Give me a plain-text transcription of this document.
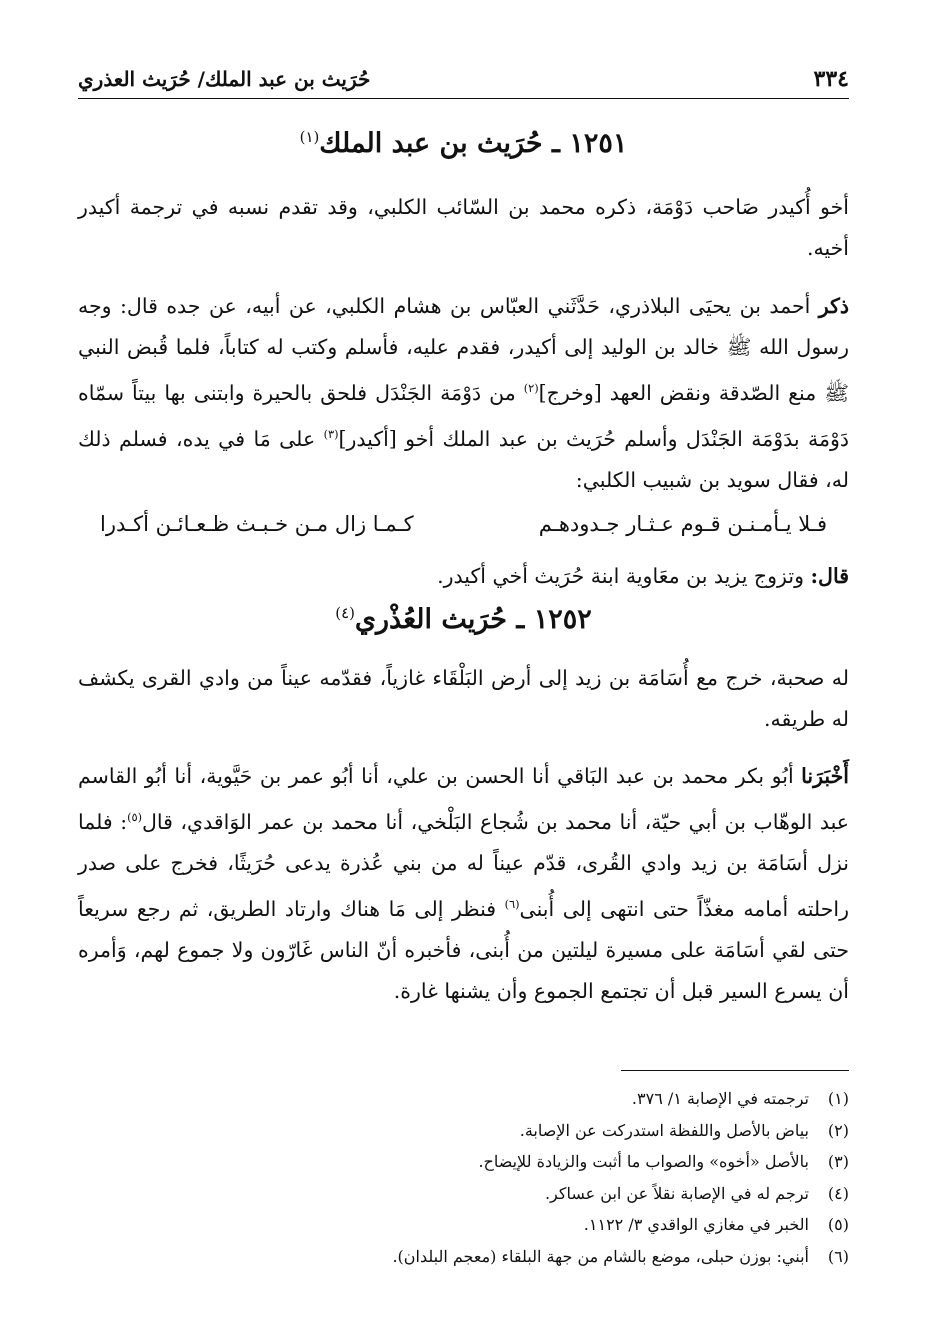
٣٣٤
حُرَيث بن عبد الملك/ حُرَيث العذري
١٢٥١ ـ حُرَيث بن عبد الملك$^{(١)}$

أخو أُكيدر صَاحب دَوْمَة، ذكره محمد بن السّائب الكلبي، وقد تقدم نسبه في ترجمة أكيدر أخيه.

ذكر أحمد بن يحيَى البلاذري، حَدَّثَني العبّاس بن هشام الكلبي، عن أبيه، عن جده قال: وجه رسول الله ﷺ خالد بن الوليد إلى أكيدر، فقدم عليه، فأسلم وكتب له كتاباً، فلما قُبض النبي ﷺ منع الصّدقة ونقض العهد [وخرج]$^{(٢)}$ من دَوْمَة الجَنْدَل فلحق بالحيرة وابتنى بها بيتاً سمّاه دَوْمَة بدَوْمَة الجَنْدَل وأسلم حُرَيث بن عبد الملك أخو [أكيدر]$^{(٣)}$ على مَا في يده، فسلم ذلك له، فقال سويد بن شبيب الكلبي:

فـلا يـأمـنـن قـوم عـثـار جـدودهـم
كـمـا زال مـن خـبـث ظـعـائـن أكـدرا

قال: وتزوج يزيد بن معَاوية ابنة حُرَيث أخي أكيدر.

١٢٥٢ ـ حُرَيث العُذْري$^{(٤)}$

له صحبة، خرج مع أُسَامَة بن زيد إلى أرض البَلْقَاء غازياً، فقدّمه عيناً من وادي القرى يكشف له طريقه.

أَخْبَرَنا أبُو بكر محمد بن عبد البَاقي أنا الحسن بن علي، أنا أبُو عمر بن حَيَّوية، أنا أبُو القاسم عبد الوهّاب بن أبي حيّة، أنا محمد بن شُجاع البَلْخي، أنا محمد بن عمر الوَاقدي، قال$^{(٥)}$: فلما نزل أسَامَة بن زيد وادي القُرى، قدّم عيناً له من بني عُذرة يدعى حُرَيثًا، فخرج على صدر راحلته أمامه مغذّاً حتى انتهى إلى أُبنى$^{(٦)}$ فنظر إلى مَا هناك وارتاد الطريق، ثم رجع سريعاً حتى لقي أسَامَة على مسيرة ليلتين من أُبنى، فأخبره أنّ الناس غَارّون ولا جموع لهم، وَأمره أن يسرع السير قبل أن تجتمع الجموع وأن يشنها غارة.

(١)
ترجمته في الإصابة ١/ ٣٧٦.
(٢)
بياض بالأصل واللفظة استدركت عن الإصابة.
(٣)
بالأصل «أخوه» والصواب ما أثبت والزيادة للإيضاح.
(٤)
ترجم له في الإصابة نقلاً عن ابن عساكر.
(٥)
الخبر في مغازي الواقدي ٣/ ١١٢٢.
(٦)
أبني: بوزن حبلى، موضع بالشام من جهة البلقاء (معجم البلدان).
